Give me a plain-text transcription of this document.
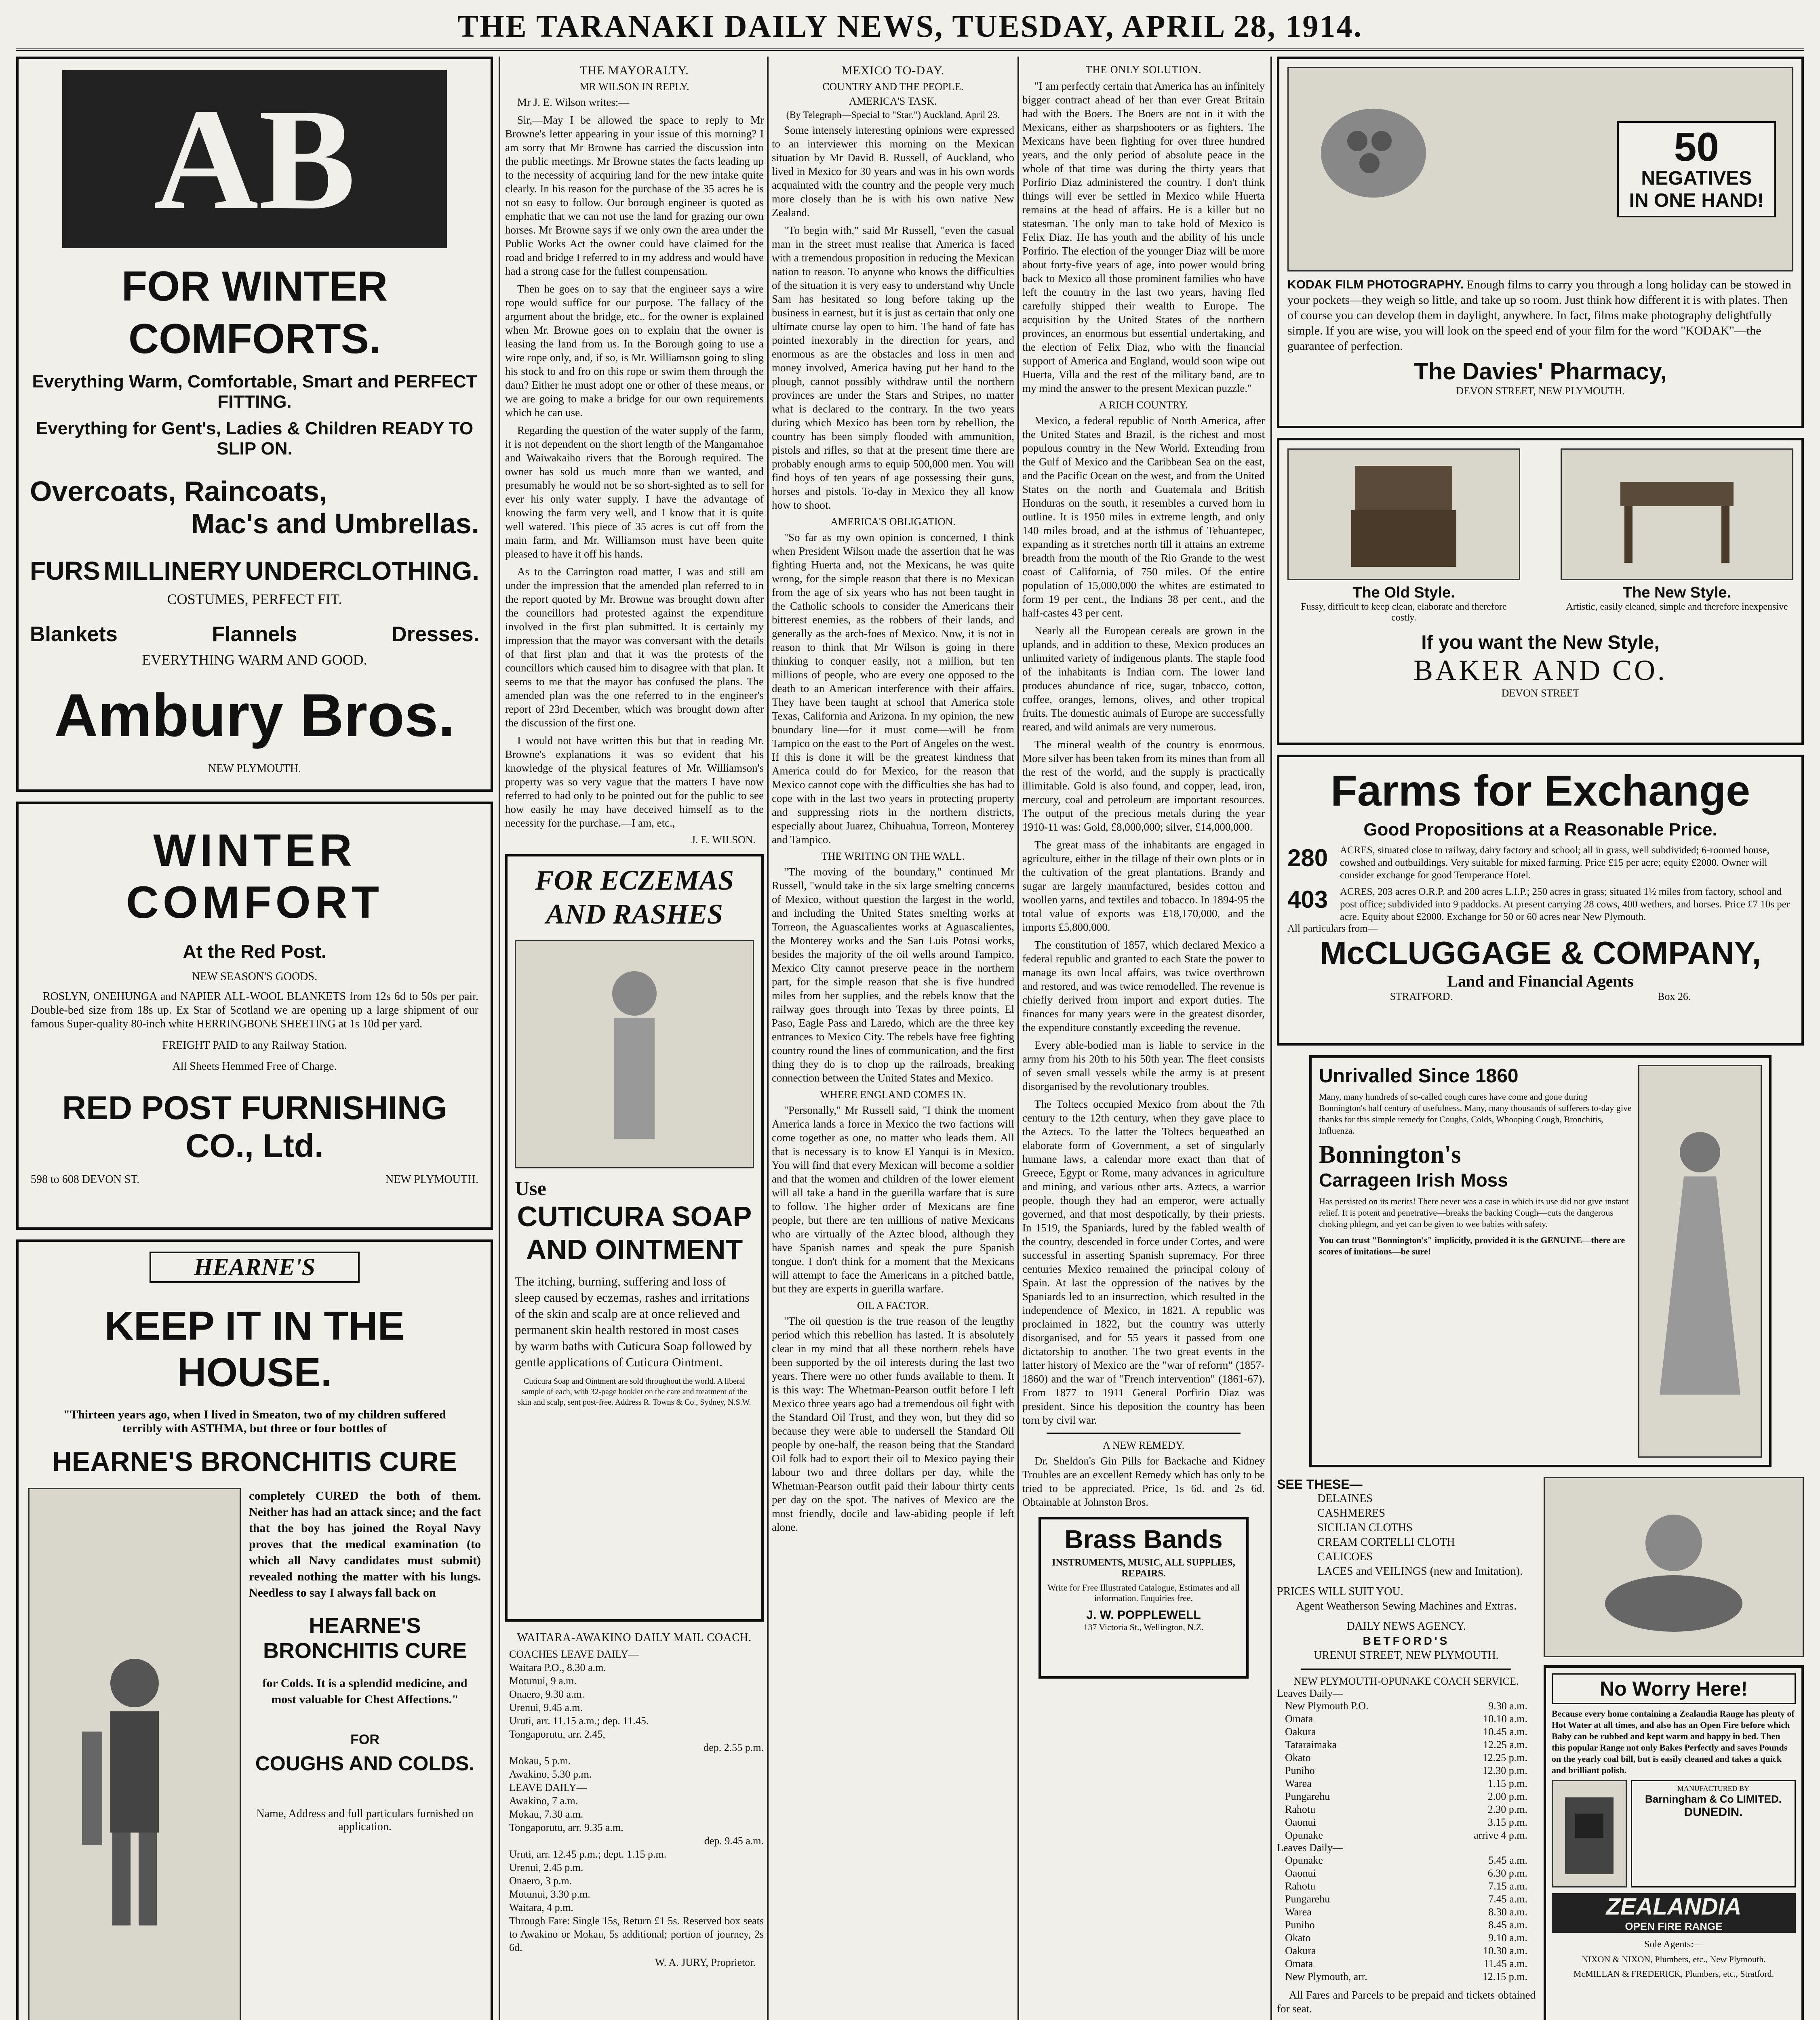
THE TARANAKI DAILY NEWS, TUESDAY, APRIL 28, 1914.
AB
FOR WINTER COMFORTS.
Everything Warm, Comfortable, Smart and PERFECT FITTING.
Everything for Gent's, Ladies & Children READY TO SLIP ON.
Overcoats, Raincoats,
Mac's and Umbrellas.
FURS MILLINERY UNDERCLOTHING.
COSTUMES, PERFECT FIT.
Blankets	Flannels	Dresses.
EVERYTHING WARM AND GOOD.
Ambury Bros.
NEW PLYMOUTH.
WINTER COMFORT
At the Red Post.
NEW SEASON'S GOODS.
ROSLYN, ONEHUNGA and NAPIER ALL-WOOL BLANKETS from 12s 6d to 50s per pair. Double-bed size from 18s up. Ex Star of Scotland we are opening up a large shipment of our famous Super-quality 80-inch white HERRINGBONE SHEETING at 1s 10d per yard.
FREIGHT PAID to any Railway Station.
All Sheets Hemmed Free of Charge.
RED POST FURNISHING CO., Ltd.
598 to 608 DEVON ST.	NEW PLYMOUTH.
HEARNE'S
KEEP IT IN THE HOUSE.
"Thirteen years ago, when I lived in Smeaton, two of my children suffered terribly with ASTHMA, but three or four bottles of
HEARNE'S BRONCHITIS CURE
completely CURED the both of them. Neither has had an attack since; and the fact that the boy has joined the Royal Navy proves that the medical examination (to which all Navy candidates must submit) revealed nothing the matter with his lungs. Needless to say I always fall back on
HEARNE'S BRONCHITIS CURE
for Colds. It is a splendid medicine, and most valuable for Chest Affections."
FOR
COUGHS AND COLDS.
Name, Address and full particulars furnished on application.
THE MAYORALTY.
MR WILSON IN REPLY.

Mr J. E. Wilson writes:—

Sir,—May I be allowed the space to reply to Mr Browne's letter appearing in your issue of this morning? I am sorry that Mr Browne has carried the discussion into the public meetings. Mr Browne states the facts leading up to the necessity of acquiring land for the new intake quite clearly. In his reason for the purchase of the 35 acres he is not so easy to follow. Our borough engineer is quoted as emphatic that we can not use the land for grazing our own horses. Mr Browne says if we only own the area under the Public Works Act the owner could have claimed for the road and bridge I referred to in my address and would have had a strong case for the fullest compensation.

Then he goes on to say that the engineer says a wire rope would suffice for our purpose. The fallacy of the argument about the bridge, etc., for the owner is explained when Mr. Browne goes on to explain that the owner is leasing the land from us. In the Borough going to use a wire rope only, and, if so, is Mr. Williamson going to sling his stock to and fro on this rope or swim them through the dam? Either he must adopt one or other of these means, or we are going to make a bridge for our own requirements which he can use.

Regarding the question of the water supply of the farm, it is not dependent on the short length of the Mangamahoe and Waiwakaiho rivers that the Borough required. The owner has sold us much more than we wanted, and presumably he would not be so short-sighted as to sell for ever his only water supply. I have the advantage of knowing the farm very well, and I know that it is quite well watered. This piece of 35 acres is cut off from the main farm, and Mr. Williamson must have been quite pleased to have it off his hands.

As to the Carrington road matter, I was and still am under the impression that the amended plan referred to in the report quoted by Mr. Browne was brought down after the councillors had protested against the expenditure involved in the first plan submitted. It is certainly my impression that the mayor was conversant with the details of that first plan and that it was the protests of the councillors which caused him to disagree with that plan. It seems to me that the mayor has confused the plans. The amended plan was the one referred to in the engineer's report of 23rd December, which was brought down after the discussion of the first one.

I would not have written this but that in reading Mr. Browne's explanations it was so evident that his knowledge of the physical features of Mr. Williamson's property was so very vague that the matters I have now referred to had only to be pointed out for the public to see how easily he may have deceived himself as to the necessity for the purchase.—I am, etc.,

J. E. WILSON.
FOR ECZEMAS AND RASHES
Use
CUTICURA SOAP AND OINTMENT
The itching, burning, suffering and loss of sleep caused by eczemas, rashes and irritations of the skin and scalp are at once relieved and permanent skin health restored in most cases by warm baths with Cuticura Soap followed by gentle applications of Cuticura Ointment.
Cuticura Soap and Ointment are sold throughout the world. A liberal sample of each, with 32-page booklet on the care and treatment of the skin and scalp, sent post-free. Address R. Towns & Co., Sydney, N.S.W.
WAITARA-AWAKINO DAILY MAIL COACH.
COACHES LEAVE DAILY—
Waitara P.O., 8.30 a.m.
Motunui, 9 a.m.
Onaero, 9.30 a.m.
Urenui, 9.45 a.m.
Uruti, arr. 11.15 a.m.; dep. 11.45.
Tongaporutu, arr. 2.45,
dep. 2.55 p.m.
Mokau, 5 p.m.
Awakino, 5.30 p.m.
LEAVE DAILY—
Awakino, 7 a.m.
Mokau, 7.30 a.m.
Tongaporutu, arr. 9.35 a.m.
dep. 9.45 a.m.
Uruti, arr. 12.45 p.m.; dept. 1.15 p.m.
Urenui, 2.45 p.m.
Onaero, 3 p.m.
Motunui, 3.30 p.m.
Waitara, 4 p.m.
Through Fare: Single 15s, Return £1 5s. Reserved box seats to Awakino or Mokau, 5s additional; portion of journey, 2s 6d.
W. A. JURY, Proprietor.
MEXICO TO-DAY.
COUNTRY AND THE PEOPLE.
AMERICA'S TASK.
(By Telegraph—Special to "Star.") Auckland, April 23.

Some intensely interesting opinions were expressed to an interviewer this morning on the Mexican situation by Mr David B. Russell, of Auckland, who lived in Mexico for 30 years and was in his own words acquainted with the country and the people very much more closely than he is with his own native New Zealand.

"To begin with," said Mr Russell, "even the casual man in the street must realise that America is faced with a tremendous proposition in reducing the Mexican nation to reason. To anyone who knows the difficulties of the situation it is very easy to understand why Uncle Sam has hesitated so long before taking up the business in earnest, but it is just as certain that only one ultimate course lay open to him. The hand of fate has pointed inexorably in the direction for years, and enormous as are the obstacles and loss in men and money involved, America having put her hand to the plough, cannot possibly withdraw until the northern provinces are under the Stars and Stripes, no matter what is declared to the contrary. In the two years during which Mexico has been torn by rebellion, the country has been simply flooded with ammunition, pistols and rifles, so that at the present time there are probably enough arms to equip 500,000 men. You will find boys of ten years of age possessing their guns, horses and pistols. To-day in Mexico they all know how to shoot.

AMERICA'S OBLIGATION.

"So far as my own opinion is concerned, I think when President Wilson made the assertion that he was fighting Huerta and, not the Mexicans, he was quite wrong, for the simple reason that there is no Mexican from the age of six years who has not been taught in the Catholic schools to consider the Americans their bitterest enemies, as the robbers of their lands, and generally as the arch-foes of Mexico. Now, it is not in reason to think that Mr Wilson is going in there thinking to conquer easily, not a million, but ten millions of people, who are every one opposed to the death to an American interference with their affairs. They have been taught at school that America stole Texas, California and Arizona. In my opinion, the new boundary line—for it must come—will be from Tampico on the east to the Port of Angeles on the west. If this is done it will be the greatest kindness that America could do for Mexico, for the reason that Mexico cannot cope with the difficulties she has had to cope with in the last two years in protecting property and suppressing riots in the northern districts, especially about Juarez, Chihuahua, Torreon, Monterey and Tampico.

THE WRITING ON THE WALL.

"The moving of the boundary," continued Mr Russell, "would take in the six large smelting concerns of Mexico, without question the largest in the world, and including the United States smelting works at Torreon, the Aguascalientes works at Aguascalientes, the Monterey works and the San Luis Potosi works, besides the majority of the oil wells around Tampico. Mexico City cannot preserve peace in the northern part, for the simple reason that she is five hundred miles from her supplies, and the rebels know that the railway goes through into Texas by three points, El Paso, Eagle Pass and Laredo, which are the three key entrances to Mexico City. The rebels have free fighting country round the lines of communication, and the first thing they do is to chop up the railroads, breaking connection between the United States and Mexico.

WHERE ENGLAND COMES IN.

"Personally," Mr Russell said, "I think the moment America lands a force in Mexico the two factions will come together as one, no matter who leads them. All that is necessary is to know El Yanqui is in Mexico. You will find that every Mexican will become a soldier and that the women and children of the lower element will all take a hand in the guerilla warfare that is sure to follow. The higher order of Mexicans are fine people, but there are ten millions of native Mexicans who are virtually of the Aztec blood, although they have Spanish names and speak the pure Spanish tongue. I don't think for a moment that the Mexicans will attempt to face the Americans in a pitched battle, but they are experts in guerilla warfare.

OIL A FACTOR.

"The oil question is the true reason of the lengthy period which this rebellion has lasted. It is absolutely clear in my mind that all these northern rebels have been supported by the oil interests during the last two years. There were no other funds available to them. It is this way: The Whetman-Pearson outfit before I left Mexico three years ago had a tremendous oil fight with the Standard Oil Trust, and they won, but they did so because they were able to undersell the Standard Oil people by one-half, the reason being that the Standard Oil folk had to export their oil to Mexico paying their labour two and three dollars per day, while the Whetman-Pearson outfit paid their labour thirty cents per day on the spot. The natives of Mexico are the most friendly, docile and law-abiding people if left alone.

THE ONLY SOLUTION.

"I am perfectly certain that America has an infinitely bigger contract ahead of her than ever Great Britain had with the Boers. The Boers are not in it with the Mexicans, either as sharpshooters or as fighters. The Mexicans have been fighting for over three hundred years, and the only period of absolute peace in the whole of that time was during the thirty years that Porfirio Diaz administered the country. I don't think things will ever be settled in Mexico while Huerta remains at the head of affairs. He is a killer but no statesman. The only man to take hold of Mexico is Felix Diaz. He has youth and the ability of his uncle Porfirio. The election of the younger Diaz will be more about forty-five years of age, into power would bring back to Mexico all those prominent families who have left the country in the last two years, having fled carefully shipped their wealth to Europe. The acquisition by the United States of the northern provinces, an enormous but essential undertaking, and the election of Felix Diaz, who with the financial support of America and England, would soon wipe out Huerta, Villa and the rest of the military band, are to my mind the answer to the present Mexican puzzle."

A RICH COUNTRY.

Mexico, a federal republic of North America, after the United States and Brazil, is the richest and most populous country in the New World. Extending from the Gulf of Mexico and the Caribbean Sea on the east, and the Pacific Ocean on the west, and from the United States on the north and Guatemala and British Honduras on the south, it resembles a curved horn in outline. It is 1950 miles in extreme length, and only 140 miles broad, and at the isthmus of Tehuantepec, expanding as it stretches north till it attains an extreme breadth from the mouth of the Rio Grande to the west coast of California, of 750 miles. Of the entire population of 15,000,000 the whites are estimated to form 19 per cent., the Indians 38 per cent., and the half-castes 43 per cent.

Nearly all the European cereals are grown in the uplands, and in addition to these, Mexico produces an unlimited variety of indigenous plants. The staple food of the inhabitants is Indian corn. The lower land produces abundance of rice, sugar, tobacco, cotton, coffee, oranges, lemons, olives, and other tropical fruits. The domestic animals of Europe are successfully reared, and wild animals are very numerous.

The mineral wealth of the country is enormous. More silver has been taken from its mines than from all the rest of the world, and the supply is practically illimitable. Gold is also found, and copper, lead, iron, mercury, coal and petroleum are important resources. The output of the precious metals during the year 1910-11 was: Gold, £8,000,000; silver, £14,000,000.

The great mass of the inhabitants are engaged in agriculture, either in the tillage of their own plots or in the cultivation of the great plantations. Brandy and sugar are largely manufactured, besides cotton and woollen yarns, and textiles and tobacco. In 1894-95 the total value of exports was £18,170,000, and the imports £5,800,000.

The constitution of 1857, which declared Mexico a federal republic and granted to each State the power to manage its own local affairs, was twice overthrown and restored, and was twice remodelled. The revenue is chiefly derived from import and export duties. The finances for many years were in the greatest disorder, the expenditure constantly exceeding the revenue.

Every able-bodied man is liable to service in the army from his 20th to his 50th year. The fleet consists of seven small vessels while the army is at present disorganised by the revolutionary troubles.

The Toltecs occupied Mexico from about the 7th century to the 12th century, when they gave place to the Aztecs. To the latter the Toltecs bequeathed an elaborate form of Government, a set of singularly humane laws, a calendar more exact than that of Greece, Egypt or Rome, many advances in agriculture and mining, and various other arts. Aztecs, a warrior people, though they had an emperor, were actually governed, and that most despotically, by their priests. In 1519, the Spaniards, lured by the fabled wealth of the country, descended in force under Cortes, and were successful in asserting Spanish supremacy. For three centuries Mexico remained the principal colony of Spain. At last the oppression of the natives by the Spaniards led to an insurrection, which resulted in the independence of Mexico, in 1821. A republic was proclaimed in 1822, but the country was utterly disorganised, and for 55 years it passed from one dictatorship to another. The two great events in the latter history of Mexico are the "war of reform" (1857-1860) and the war of "French intervention" (1861-67). From 1877 to 1911 General Porfirio Diaz was president. Since his deposition the country has been torn by civil war.

A NEW REMEDY.

Dr. Sheldon's Gin Pills for Backache and Kidney Troubles are an excellent Remedy which has only to be tried to be appreciated. Price, 1s 6d. and 2s 6d. Obtainable at Johnston Bros.

Brass Bands
INSTRUMENTS, MUSIC, ALL SUPPLIES, REPAIRS.
Write for Free Illustrated Catalogue, Estimates and all information. Enquiries free.
J. W. POPPLEWELL
137 Victoria St., Wellington, N.Z.
50
NEGATIVES
IN ONE HAND!
KODAK FILM PHOTOGRAPHY. Enough films to carry you through a long holiday can be stowed in your pockets—they weigh so little, and take up so room. Just think how different it is with plates. Then of course you can develop them in daylight, anywhere. In fact, films make photography delightfully simple. If you are wise, you will look on the speed end of your film for the word "KODAK"—the guarantee of perfection.
The Davies' Pharmacy,
DEVON STREET, NEW PLYMOUTH.
The Old Style.
Fussy, difficult to keep clean, elaborate and therefore costly.
The New Style.
Artistic, easily cleaned, simple and therefore inexpensive
If you want the New Style,
BAKER AND CO.
DEVON STREET
Farms for Exchange
Good Propositions at a Reasonable Price.
280	ACRES, situated close to railway, dairy factory and school; all in grass, well subdivided; 6-roomed house, cowshed and outbuildings. Very suitable for mixed farming. Price £15 per acre; equity £2000. Owner will consider exchange for good Temperance Hotel.
403	ACRES, 203 acres O.R.P. and 200 acres L.I.P.; 250 acres in grass; situated 1½ miles from factory, school and post office; subdivided into 9 paddocks. At present carrying 28 cows, 400 wethers, and horses. Price £7 10s per acre. Equity about £2000. Exchange for 50 or 60 acres near New Plymouth.
All particulars from—
McCLUGGAGE & COMPANY,
Land and Financial Agents
STRATFORD.	Box 26.
Unrivalled Since 1860
Many, many hundreds of so-called cough cures have come and gone during Bonnington's half century of usefulness. Many, many thousands of sufferers to-day give thanks for this simple remedy for Coughs, Colds, Whooping Cough, Bronchitis, Influenza.
Bonnington's
Carrageen Irish Moss
Has persisted on its merits! There never was a case in which its use did not give instant relief. It is potent and penetrative—breaks the backing Cough—cuts the dangerous choking phlegm, and yet can be given to wee babies with safety.
You can trust "Bonnington's" implicitly, provided it is the GENUINE—there are scores of imitations—be sure!
SEE THESE—
DELAINES
CASHMERES
SICILIAN CLOTHS
CREAM CORTELLI CLOTH
CALICOES
LACES and VEILINGS (new and Imitation).
PRICES WILL SUIT YOU.
Agent Weatherson Sewing Machines and Extras.
DAILY NEWS AGENCY.
BETFORD'S
URENUI STREET, NEW PLYMOUTH.
NEW PLYMOUTH-OPUNAKE COACH SERVICE.
Leaves Daily—
New Plymouth P.O.	9.30 a.m.
Omata	10.10 a.m.
Oakura	10.45 a.m.
Tataraimaka	12.25 a.m.
Okato	12.25 p.m.
Puniho	12.30 p.m.
Warea	1.15 p.m.
Pungarehu	2.00 p.m.
Rahotu	2.30 p.m.
Oaonui	3.15 p.m.
Opunake	arrive 4 p.m.
Leaves Daily—
Opunake	5.45 a.m.
Oaonui	6.30 p.m.
Rahotu	7.15 a.m.
Pungarehu	7.45 a.m.
Warea	8.30 a.m.
Puniho	8.45 a.m.
Okato	9.10 a.m.
Oakura	10.30 a.m.
Omata	11.45 a.m.
New Plymouth, arr.	12.15 p.m.
All Fares and Parcels to be prepaid and tickets obtained for seat.
No Worry Here!
Because every home containing a Zealandia Range has plenty of Hot Water at all times, and also has an Open Fire before which Baby can be rubbed and kept warm and happy in bed. Then this popular Range not only Bakes Perfectly and saves Pounds on the yearly coal bill, but is easily cleaned and takes a quick and brilliant polish.
MANUFACTURED BY
Barningham & Co LIMITED.
DUNEDIN.
ZEALANDIA
OPEN FIRE RANGE
Sole Agents:—
NIXON & NIXON, Plumbers, etc., New Plymouth.
McMILLAN & FREDERICK, Plumbers, etc., Stratford.
